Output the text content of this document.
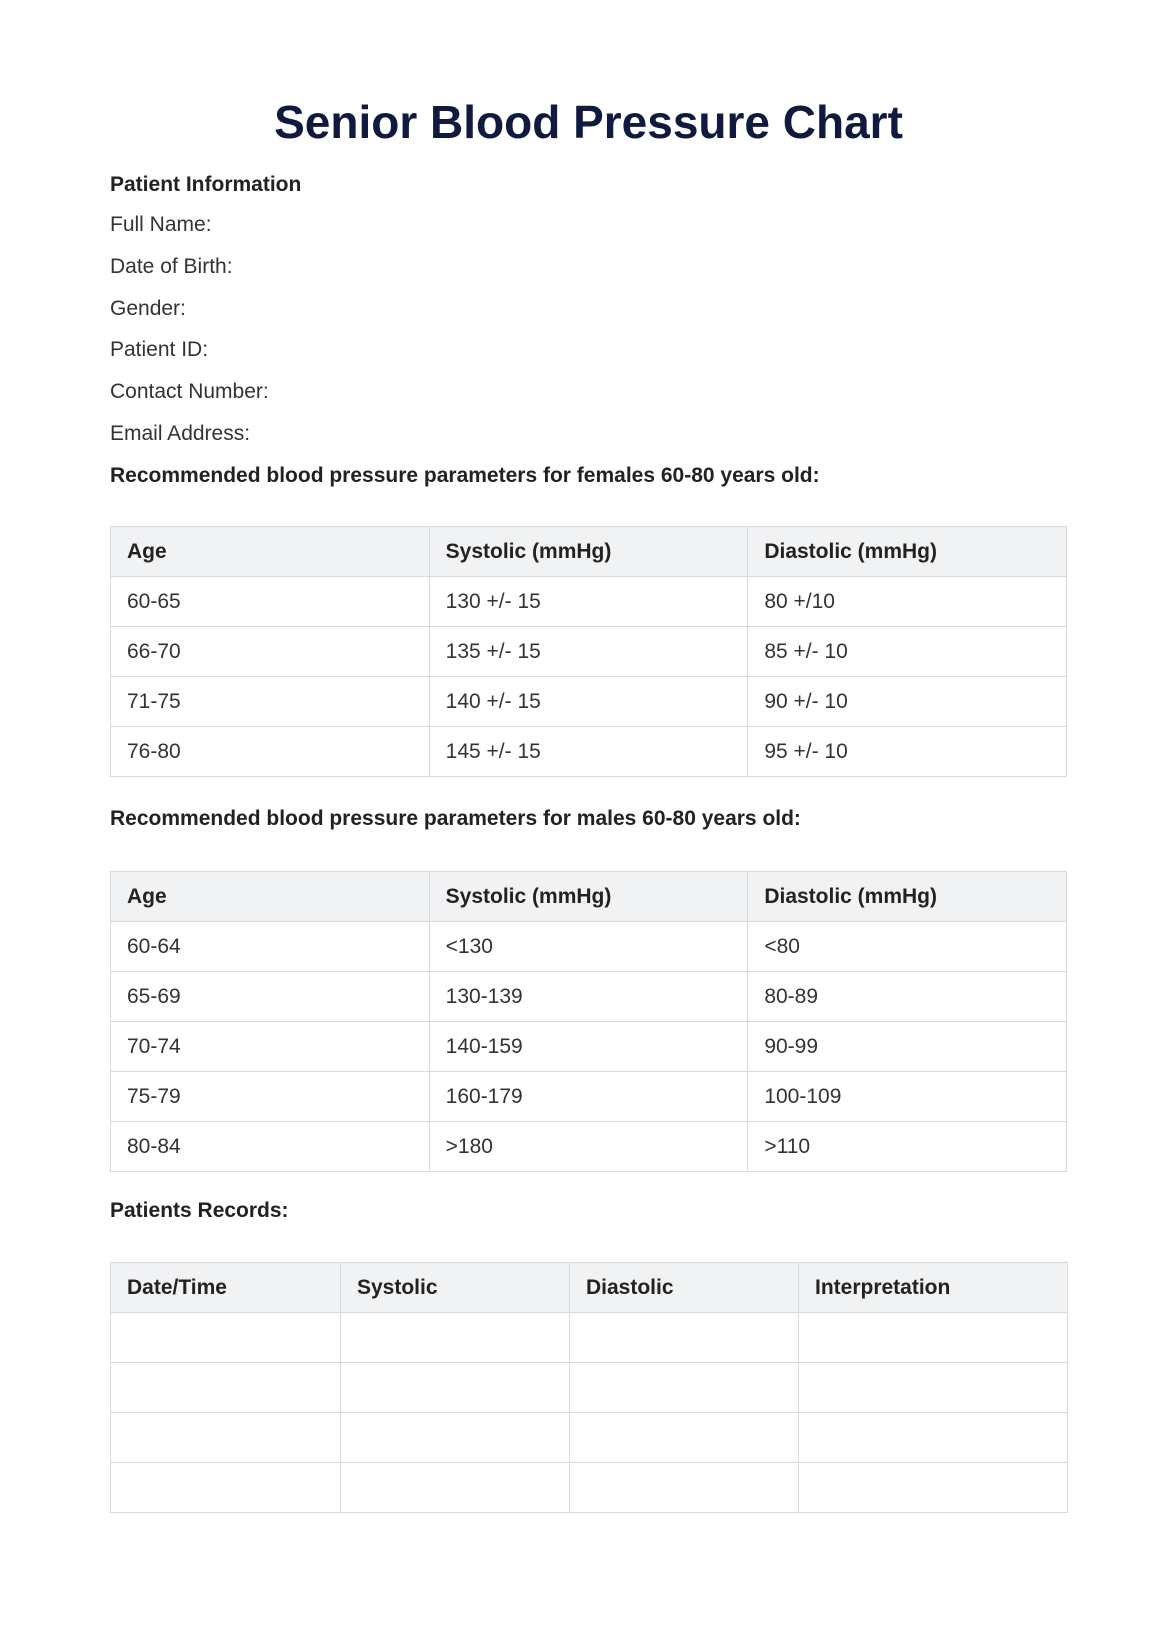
Senior Blood Pressure Chart
Patient Information
Full Name:
Date of Birth:
Gender:
Patient ID:
Contact Number:
Email Address:
Recommended blood pressure parameters for females 60-80 years old:
Age	Systolic (mmHg)	Diastolic (mmHg)
60-65	130 +/- 15	80 +/10
66-70	135 +/- 15	85 +/- 10
71-75	140 +/- 15	90 +/- 10
76-80	145 +/- 15	95 +/- 10
Recommended blood pressure parameters for males 60-80 years old:
Age	Systolic (mmHg)	Diastolic (mmHg)
60-64	<130	<80
65-69	130-139	80-89
70-74	140-159	90-99
75-79	160-179	100-109
80-84	>180	>110
Patients Records:
Date/Time	Systolic	Diastolic	Interpretation
